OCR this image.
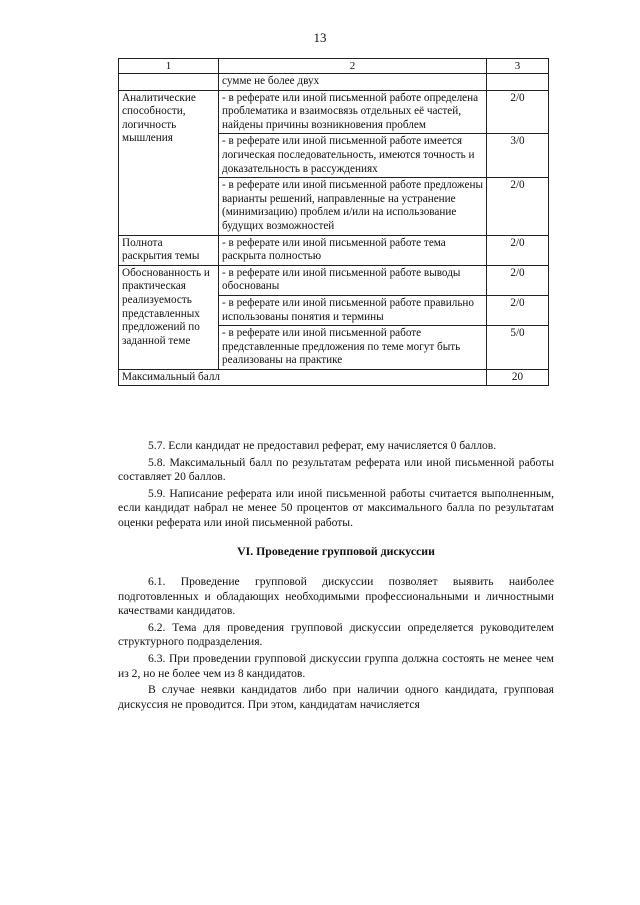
13
1	2	3
	сумме не более двух	
Аналитические способности, логичность мышления	- в реферате или иной письменной работе определена проблематика и взаимосвязь отдельных её частей, найдены причины возникновения проблем	2/0
	- в реферате или иной письменной работе имеется логическая последовательность, имеются точность и доказательность в рассуждениях	3/0
	- в реферате или иной письменной работе предложены варианты решений, направленные на устранение (минимизацию) проблем и/или на использование будущих возможностей	2/0
Полнота раскрытия темы	- в реферате или иной письменной работе тема раскрыта полностью	2/0
Обоснованность и практическая реализуемость представленных предложений по заданной теме	- в реферате или иной письменной работе выводы обоснованы	2/0
	- в реферате или иной письменной работе правильно использованы понятия и термины	2/0
	- в реферате или иной письменной работе представленные предложения по теме могут быть реализованы на практике	5/0
Максимальный балл		20

5.7. Если кандидат не предоставил реферат, ему начисляется 0 баллов.

5.8. Максимальный балл по результатам реферата или иной письменной работы составляет 20 баллов.

5.9. Написание реферата или иной письменной работы считается выполненным, если кандидат набрал не менее 50 процентов от максимального балла по результатам оценки реферата или иной письменной работы.

VI. Проведение групповой дискуссии

6.1. Проведение групповой дискуссии позволяет выявить наиболее подготовленных и обладающих необходимыми профессиональными и личностными качествами кандидатов.

6.2. Тема для проведения групповой дискуссии определяется руководителем структурного подразделения.

6.3. При проведении групповой дискуссии группа должна состоять не менее чем из 2, но не более чем из 8 кандидатов.

В случае неявки кандидатов либо при наличии одного кандидата, групповая дискуссия не проводится. При этом, кандидатам начисляется
